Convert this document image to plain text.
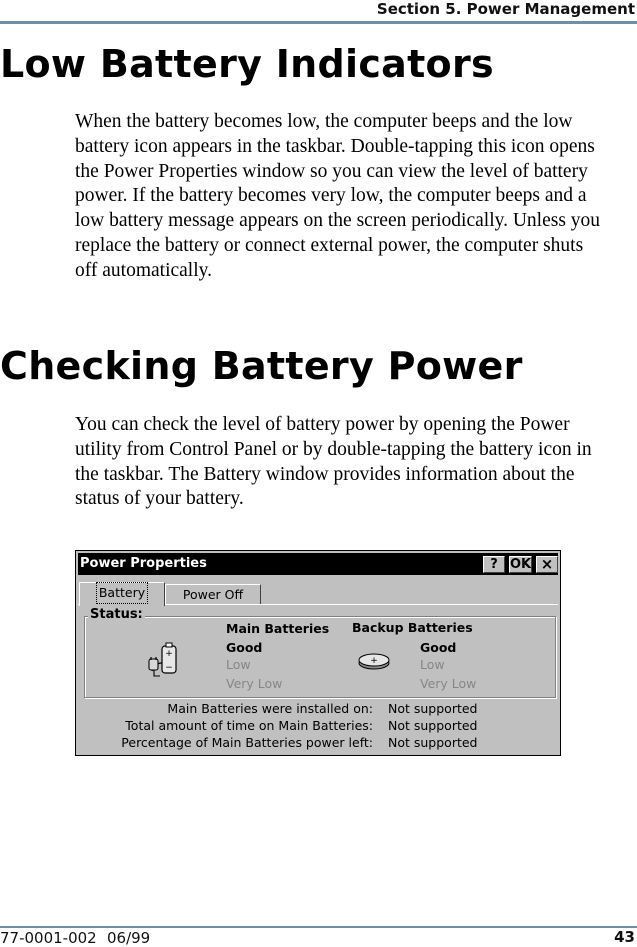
Section 5. Power Management
Low Battery Indicators
When the battery becomes low, the computer beeps and the low
battery icon appears in the taskbar. Double-tapping this icon opens
the Power Properties window so you can view the level of battery
power. If the battery becomes very low, the computer beeps and a
low battery message appears on the screen periodically. Unless you
replace the battery or connect external power, the computer shuts
off automatically.
Checking Battery Power
You can check the level of battery power by opening the Power
utility from Control Panel or by double-tapping the battery icon in
the taskbar. The Battery window provides information about the
status of your battery.
Power Properties	? OK ×
Battery	Power Off
Status:
+
−
+
Main Batteries
Good
Low
Very Low
Backup Batteries
Good
Low
Very Low
Main Batteries were installed on: Not supported
Total amount of time on Main Batteries: Not supported
Percentage of Main Batteries power left: Not supported
77-0001-002 06/99	43
